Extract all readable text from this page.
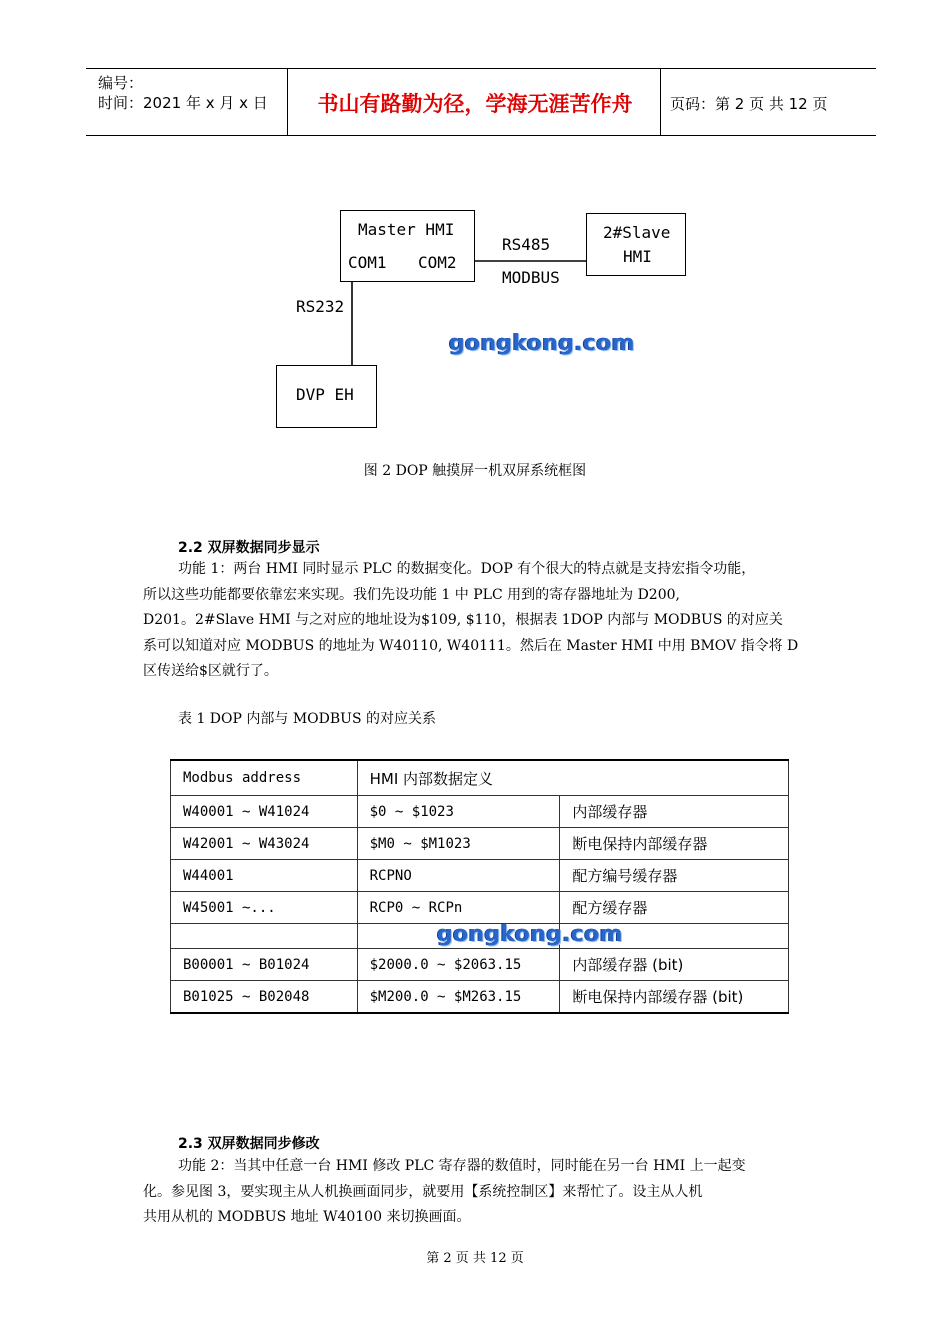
编号：
时间：2021 年 x 月 x 日	书山有路勤为径，学海无涯苦作舟	页码：第 2 页 共 12 页
Master HMI
COM1 COM2
RS485
MODBUS
2#Slave
HMI
RS232
DVP EH
gongkong.com
图 2 DOP 触摸屏一机双屏系统框图
2.2 双屏数据同步显示

功能 1：两台 HMI 同时显示 PLC 的数据变化。DOP 有个很大的特点就是支持宏指令功能，

所以这些功能都要依靠宏来实现。我们先设功能 1 中 PLC 用到的寄存器地址为 D200,

D201。2#Slave HMI 与之对应的地址设为$109, $110，根据表 1DOP 内部与 MODBUS 的对应关

系可以知道对应 MODBUS 的地址为 W40110, W40111。然后在 Master HMI 中用 BMOV 指令将 D

区传送给$区就行了。

表 1 DOP 内部与 MODBUS 的对应关系
Modbus address	HMI 内部数据定义	
W40001 ~ W41024	$0 ~ $1023	内部缓存器
W42001 ~ W43024	$M0 ~ $M1023	断电保持内部缓存器
W44001	RCPNO	配方编号缓存器
W45001 ~...	RCP0 ~ RCPn	配方缓存器

B00001 ~ B01024	$2000.0 ~ $2063.15	内部缓存器 (bit)
B01025 ~ B02048	$M200.0 ~ $M263.15	断电保持内部缓存器 (bit)
gongkong.com
2.3 双屏数据同步修改

功能 2：当其中任意一台 HMI 修改 PLC 寄存器的数值时，同时能在另一台 HMI 上一起变

化。参见图 3，要实现主从人机换画面同步，就要用【系统控制区】来帮忙了。设主从人机

共用从机的 MODBUS 地址 W40100 来切换画面。

第 2 页 共 12 页
